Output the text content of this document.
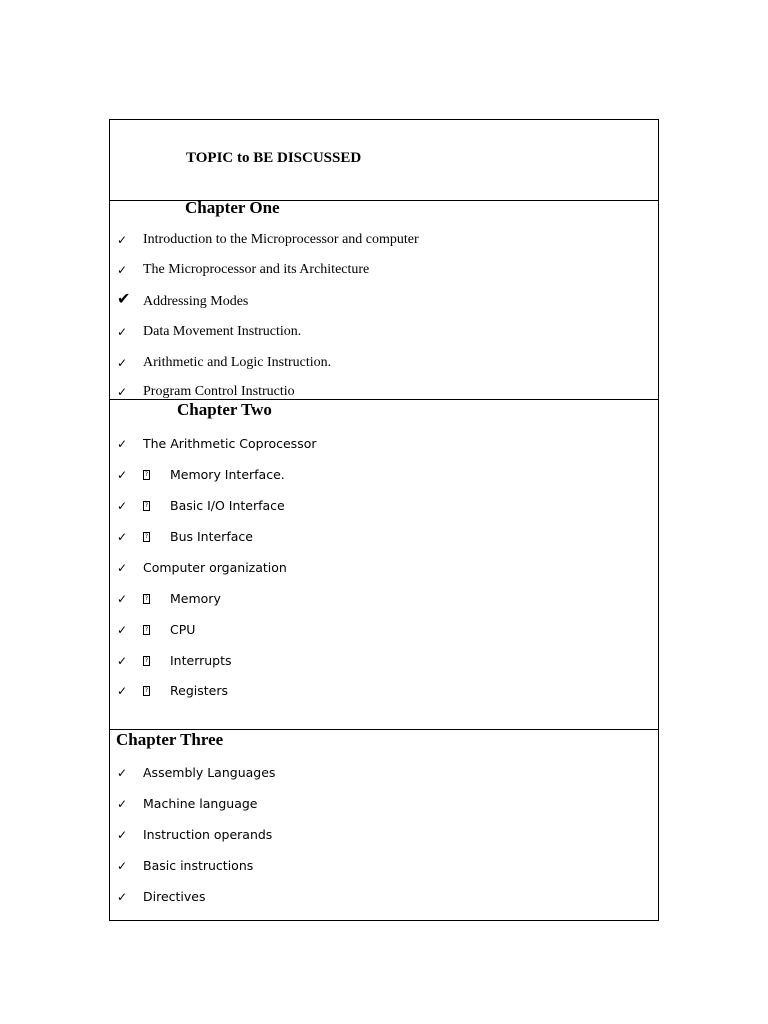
TOPIC to BE DISCUSSED
Chapter One
✓ Introduction to the Microprocessor and computer
✓ The Microprocessor and its Architecture
✔ Addressing Modes
✓ Data Movement Instruction.
✓ Arithmetic and Logic Instruction.
✓ Program Control Instructio
Chapter Two
✓ The Arithmetic Coprocessor
✓	? Memory Interface.
✓	? Basic I/O Interface
✓	? Bus Interface
✓ Computer organization
✓	? Memory
✓	? CPU
✓	? Interrupts
✓	? Registers
Chapter Three
✓ Assembly Languages
✓ Machine language
✓ Instruction operands
✓ Basic instructions
✓ Directives
